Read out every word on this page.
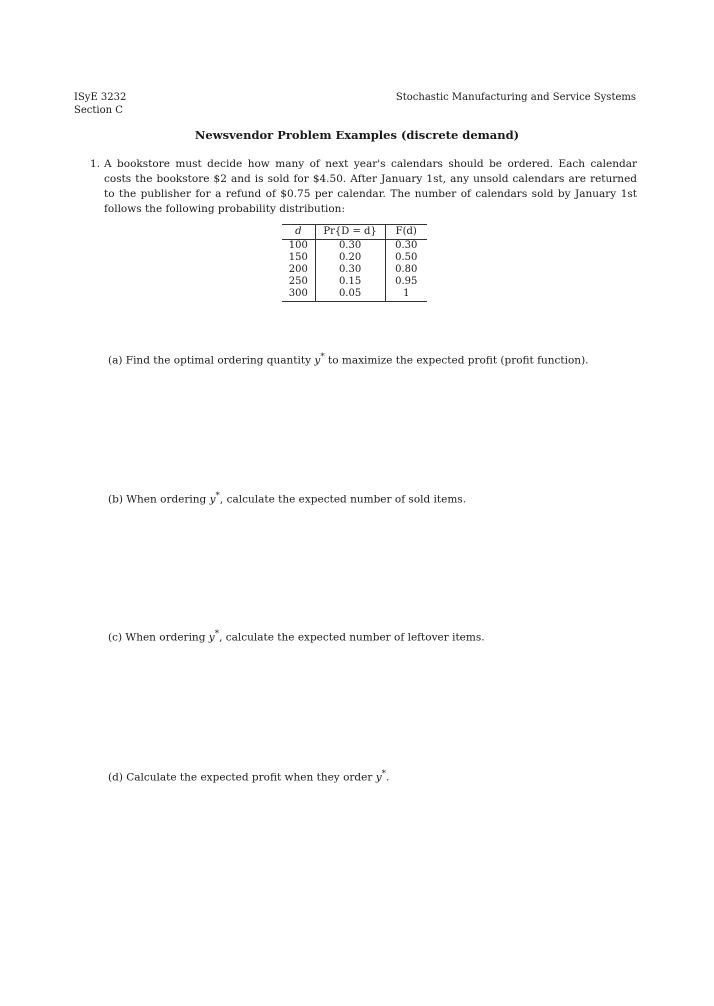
ISyE 3232
Section C
Stochastic Manufacturing and Service Systems
Newsvendor Problem Examples (discrete demand)
1. A bookstore must decide how many of next year's calendars should be ordered. Each calendar costs the bookstore $2 and is sold for $4.50. After January 1st, any unsold calendars are returned to the publisher for a refund of $0.75 per calendar. The number of calendars sold by January 1st follows the following probability distribution:
d	Pr{D = d}	F(d)
100	0.30	0.30
150	0.20	0.50
200	0.30	0.80
250	0.15	0.95
300	0.05	1
(a) Find the optimal ordering quantity y* to maximize the expected profit (profit function).
(b) When ordering y*, calculate the expected number of sold items.
(c) When ordering y*, calculate the expected number of leftover items.
(d) Calculate the expected profit when they order y*.
